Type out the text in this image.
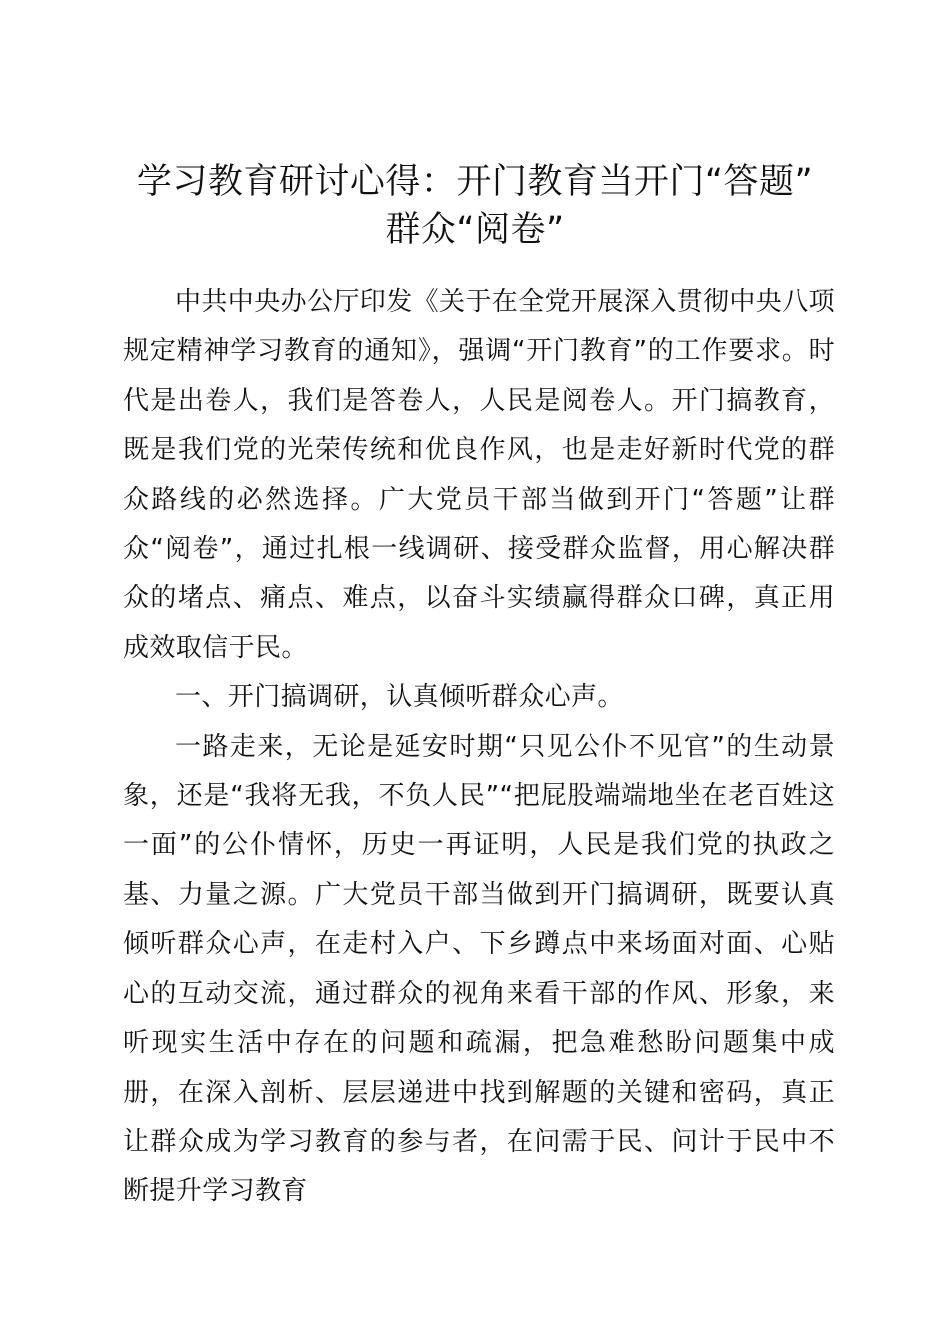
学习教育研讨心得：开门教育当开门“答题”
群众“阅卷”

中共中央办公厅印发《关于在全党开展深入贯彻中央八项规定精神学习教育的通知》，强调“开门教育”的工作要求。时代是出卷人，我们是答卷人，人民是阅卷人。开门搞教育，既是我们党的光荣传统和优良作风，也是走好新时代党的群众路线的必然选择。广大党员干部当做到开门“答题”让群众“阅卷”，通过扎根一线调研、接受群众监督，用心解决群众的堵点、痛点、难点，以奋斗实绩赢得群众口碑，真正用成效取信于民。

一、开门搞调研，认真倾听群众心声。

一路走来，无论是延安时期“只见公仆不见官”的生动景象，还是“我将无我，不负人民”“把屁股端端地坐在老百姓这一面”的公仆情怀，历史一再证明，人民是我们党的执政之基、力量之源。广大党员干部当做到开门搞调研，既要认真倾听群众心声，在走村入户、下乡蹲点中来场面对面、心贴心的互动交流，通过群众的视角来看干部的作风、形象，来听现实生活中存在的问题和疏漏，把急难愁盼问题集中成册，在深入剖析、层层递进中找到解题的关键和密码，真正让群众成为学习教育的参与者，在问需于民、问计于民中不断提升学习教育
